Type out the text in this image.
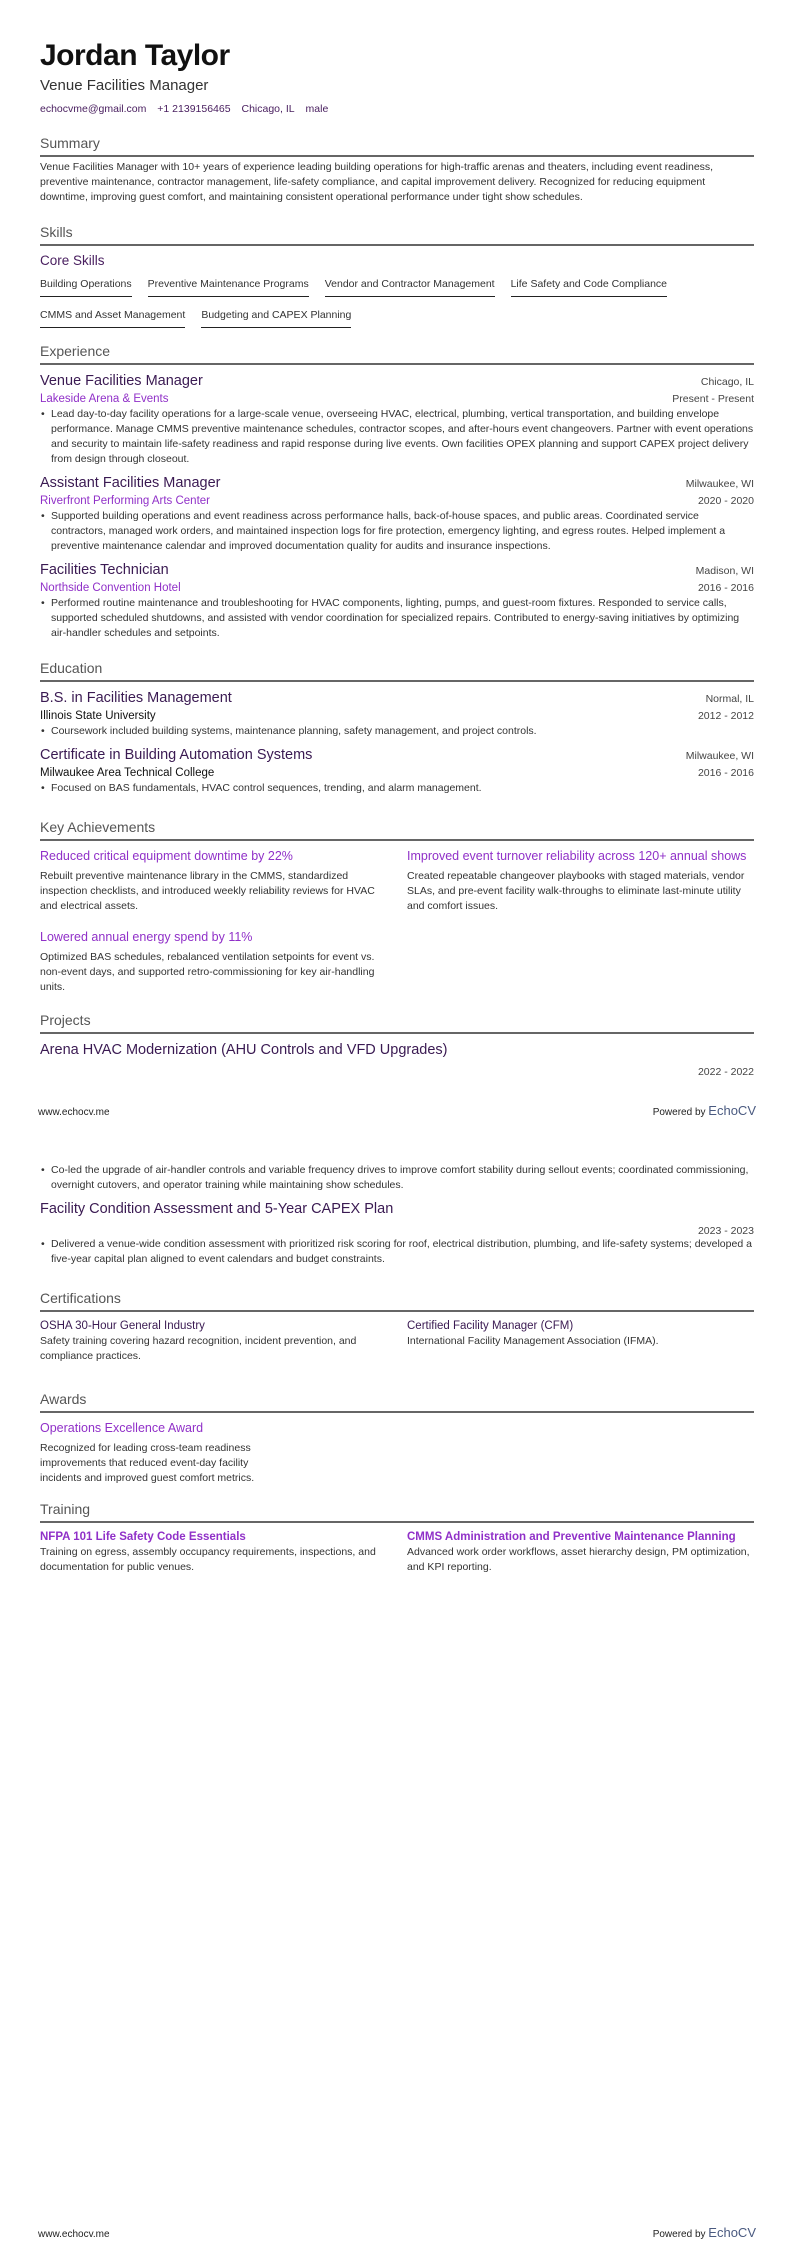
Jordan Taylor
Venue Facilities Manager
echocvme@gmail.com +1 2139156465 Chicago, IL male
Summary

Venue Facilities Manager with 10+ years of experience leading building operations for high-traffic arenas and theaters, including event readiness, preventive maintenance, contractor management, life-safety compliance, and capital improvement delivery. Recognized for reducing equipment downtime, improving guest comfort, and maintaining consistent operational performance under tight show schedules.

Skills
Core Skills
Building Operations Preventive Maintenance Programs Vendor and Contractor Management Life Safety and Code Compliance
CMMS and Asset Management Budgeting and CAPEX Planning
Experience
Venue Facilities Manager	Chicago, IL
Lakeside Arena & Events	Present - Present
• Lead day-to-day facility operations for a large-scale venue, overseeing HVAC, electrical, plumbing, vertical transportation, and building envelope performance. Manage CMMS preventive maintenance schedules, contractor scopes, and after-hours event changeovers. Partner with event operations and security to maintain life-safety readiness and rapid response during live events. Own facilities OPEX planning and support CAPEX project delivery from design through closeout.
Assistant Facilities Manager	Milwaukee, WI
Riverfront Performing Arts Center	2020 - 2020
• Supported building operations and event readiness across performance halls, back-of-house spaces, and public areas. Coordinated service contractors, managed work orders, and maintained inspection logs for fire protection, emergency lighting, and egress routes. Helped implement a preventive maintenance calendar and improved documentation quality for audits and insurance inspections.
Facilities Technician	Madison, WI
Northside Convention Hotel	2016 - 2016
• Performed routine maintenance and troubleshooting for HVAC components, lighting, pumps, and guest-room fixtures. Responded to service calls, supported scheduled shutdowns, and assisted with vendor coordination for specialized repairs. Contributed to energy-saving initiatives by optimizing air-handler schedules and setpoints.
Education
B.S. in Facilities Management	Normal, IL
Illinois State University	2012 - 2012
• Coursework included building systems, maintenance planning, safety management, and project controls.
Certificate in Building Automation Systems	Milwaukee, WI
Milwaukee Area Technical College	2016 - 2016
• Focused on BAS fundamentals, HVAC control sequences, trending, and alarm management.
Key Achievements
Reduced critical equipment downtime by 22%

Rebuilt preventive maintenance library in the CMMS, standardized inspection checklists, and introduced weekly reliability reviews for HVAC and electrical assets.

Improved event turnover reliability across 120+ annual shows

Created repeatable changeover playbooks with staged materials, vendor SLAs, and pre-event facility walk-throughs to eliminate last-minute utility and comfort issues.

Lowered annual energy spend by 11%

Optimized BAS schedules, rebalanced ventilation setpoints for event vs. non-event days, and supported retro-commissioning for key air-handling units.

Projects
Arena HVAC Modernization (AHU Controls and VFD Upgrades)
2022 - 2022
www.echocv.me	Powered by EchoCV
• Co-led the upgrade of air-handler controls and variable frequency drives to improve comfort stability during sellout events; coordinated commissioning, overnight cutovers, and operator training while maintaining show schedules.
Facility Condition Assessment and 5-Year CAPEX Plan
2023 - 2023
• Delivered a venue-wide condition assessment with prioritized risk scoring for roof, electrical distribution, plumbing, and life-safety systems; developed a five-year capital plan aligned to event calendars and budget constraints.
Certifications
OSHA 30-Hour General Industry

Safety training covering hazard recognition, incident prevention, and compliance practices.

Certified Facility Manager (CFM)

International Facility Management Association (IFMA).

Awards
Operations Excellence Award

Recognized for leading cross-team readiness improvements that reduced event-day facility incidents and improved guest comfort metrics.

Training
NFPA 101 Life Safety Code Essentials

Training on egress, assembly occupancy requirements, inspections, and documentation for public venues.

CMMS Administration and Preventive Maintenance Planning

Advanced work order workflows, asset hierarchy design, PM optimization, and KPI reporting.

www.echocv.me	Powered by EchoCV
